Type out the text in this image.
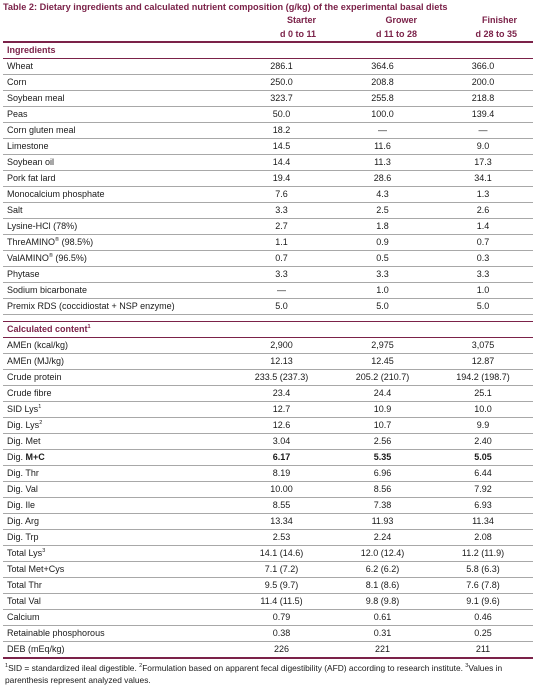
Table 2: Dietary ingredients and calculated nutrient composition (g/kg) of the experimental basal diets
	Starter	Grower	Finisher
	d 0 to 11	d 11 to 28	d 28 to 35
Ingredients			
Wheat	286.1	364.6	366.0
Corn	250.0	208.8	200.0
Soybean meal	323.7	255.8	218.8
Peas	50.0	100.0	139.4
Corn gluten meal	18.2	—	—
Limestone	14.5	11.6	9.0
Soybean oil	14.4	11.3	17.3
Pork fat lard	19.4	28.6	34.1
Monocalcium phosphate	7.6	4.3	1.3
Salt	3.3	2.5	2.6
Lysine-HCl (78%)	2.7	1.8	1.4
ThreAMINO® (98.5%)	1.1	0.9	0.7
ValAMINO® (96.5%)	0.7	0.5	0.3
Phytase	3.3	3.3	3.3
Sodium bicarbonate	—	1.0	1.0
Premix RDS (coccidiostat + NSP enzyme)	5.0	5.0	5.0

Calculated content$^1$
AMEn (kcal/kg)	2,900	2,975	3,075
AMEn (MJ/kg)	12.13	12.45	12.87
Crude protein	233.5 (237.3)	205.2 (210.7)	194.2 (198.7)
Crude fibre	23.4	24.4	25.1
SID Lys$^1$	12.7	10.9	10.0
Dig. Lys$^2$	12.6	10.7	9.9
Dig. Met	3.04	2.56	2.40
Dig. M+C	6.17	5.35	5.05
Dig. Thr	8.19	6.96	6.44
Dig. Val	10.00	8.56	7.92
Dig. Ile	8.55	7.38	6.93
Dig. Arg	13.34	11.93	11.34
Dig. Trp	2.53	2.24	2.08
Total Lys$^3$	14.1 (14.6)	12.0 (12.4)	11.2 (11.9)
Total Met+Cys	7.1 (7.2)	6.2 (6.2)	5.8 (6.3)
Total Thr	9.5 (9.7)	8.1 (8.6)	7.6 (7.8)
Total Val	11.4 (11.5)	9.8 (9.8)	9.1 (9.6)
Calcium	0.79	0.61	0.46
Retainable phosphorous	0.38	0.31	0.25
DEB (mEq/kg)	226	221	211
$^1$SID = standardized ileal digestible. $^2$Formulation based on apparent fecal digestibility (AFD) according to research institute. $^3$Values in parenthesis represent analyzed values.
